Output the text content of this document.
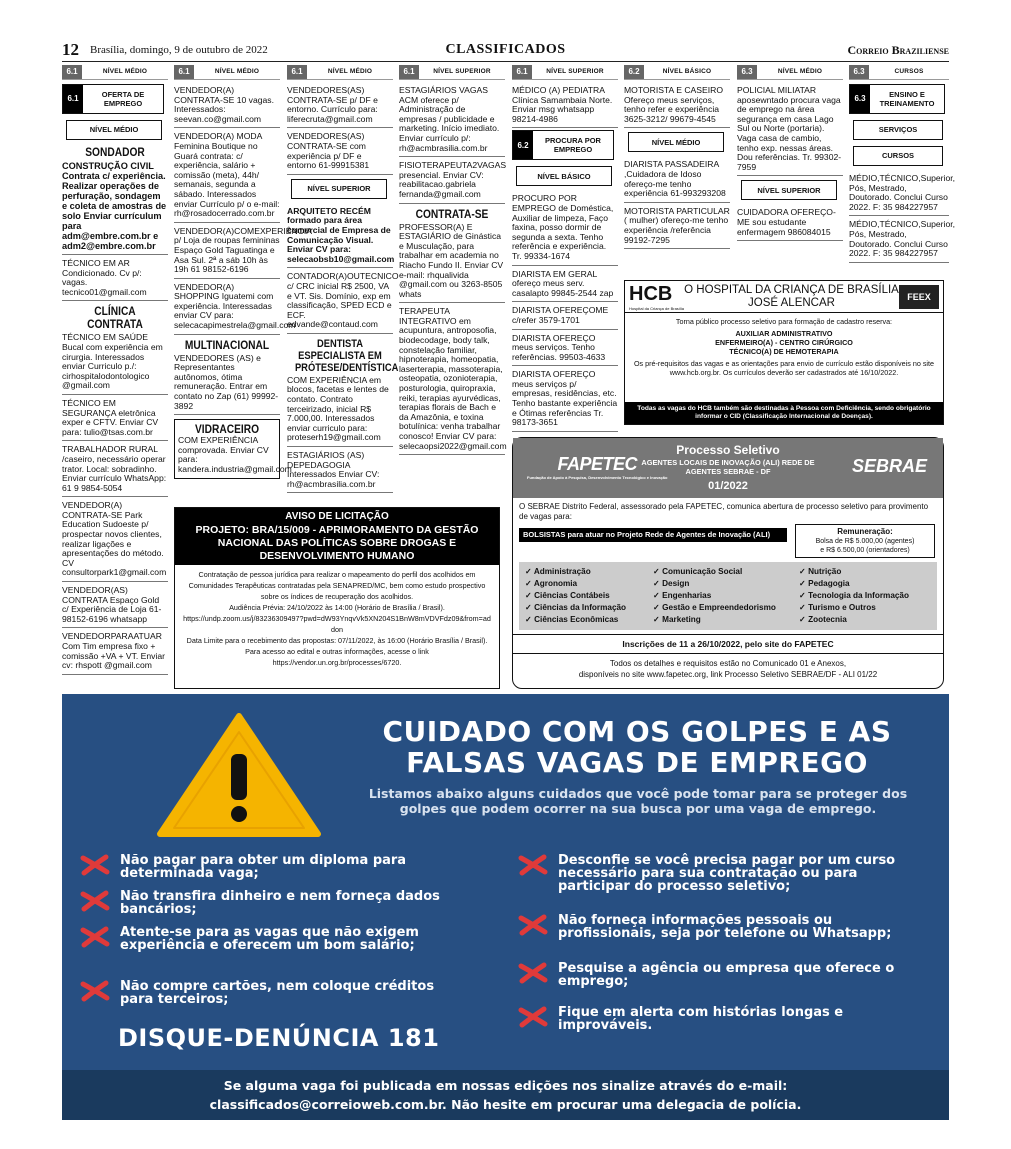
12 Brasília, domingo, 9 de outubro de 2022	CLASSIFICADOS	Correio Braziliense
6.1	NÍVEL MÉDIO
6.1	OFERTA DE EMPREGO
NÍVEL MÉDIO
SONDADOR
CONSTRUÇÃO CIVIL Contrata c/ experiência. Realizar operações de perfuração, sondagem e coleta de amostras de solo Enviar currículum para adm@embre.com.br e adm2@embre.com.br
TÉCNICO EM AR Condicionado. Cv p/: vagas. tecnico01@gmail.com
CLÍNICA CONTRATA
TÉCNICO EM SAÚDE Bucal com experiência em cirurgia. Interessados enviar Curriculo p./: cirhospitalodontologico @gmail.com
TÉCNICO EM SEGURANÇA eletrônica exper e CFTV. Enviar CV para: tulio@tsas.com.br
TRABALHADOR RURAL /caseiro, necessário operar trator. Local: sobradinho. Enviar currículo WhatsApp: 61 9 9854-5054
VENDEDOR(A) CONTRATA-SE Park Education Sudoeste p/ prospectar novos clientes, realizar ligações e apresentações do método. CV consultorpark1@gmail.com
VENDEDOR(AS) CONTRATA Espaço Gold c/ Experiência de Loja 61-98152-6196 whatsapp
VENDEDORPARAATUAR Com Tim empresa fixo + comissão +VA + VT. Enviar cv: rhspott @gmail.com
6.1	NÍVEL MÉDIO
VENDEDOR(A) CONTRATA-SE 10 vagas. Interessados: seevan.co@gmail.com
VENDEDOR(A) MODA Feminina Boutique no Guará contrata: c/ experiência, salário + comissão (meta), 44h/ semanais, segunda a sábado. Interessados enviar Currículo p/ o e-mail: rh@rosadocerrado.com.br
VENDEDOR(A)COMEXPERIÊNCIA p/ Loja de roupas femininas Espaço Gold Taguatinga e Asa Sul. 2ª a sáb 10h às 19h 61 98152-6196
VENDEDOR(A) SHOPPING Iguatemi com experiência. Interessadas enviar CV para: selecacapimestrela@gmail.com
MULTINACIONAL
VENDEDORES (AS) e Representantes autônomos, ótima remuneração. Entrar em contato no Zap (61) 99992-3892
VIDRACEIRO
COM EXPERIÊNCIA comprovada. Enviar CV para: kandera.industria@gmail.com
6.1	NÍVEL MÉDIO
VENDEDORES(AS) CONTRATA-SE p/ DF e entorno. Currículo para: liferecruta@gmail.com
VENDEDORES(AS) CONTRATA-SE com experiência p/ DF e entorno 61-99915381
NÍVEL SUPERIOR
ARQUITETO RECÉM formado para área comercial de Empresa de Comunicação Visual. Enviar CV para: selecaobsb10@gmail.com
CONTADOR(A)OUTECNICO c/ CRC inicial R$ 2500, VA e VT. Sis. Domínio, exp em classificação, SPED ECD e ECF. edvande@contaud.com
DENTISTA ESPECIALISTA EM PRÓTESE/DENTÍSTICA
COM EXPERIÊNCIA em blocos, facetas e lentes de contato. Contrato terceirizado, inicial R$ 7.000,00. Interessados enviar curriculo para: proteserh19@gmail.com
ESTAGIÁRIOS (AS) DEPEDAGOGIA Interessados Enviar CV: rh@acmbrasilia.com.br
6.1	NÍVEL SUPERIOR
ESTAGIÁRIOS VAGAS ACM oferece p/ Administração de empresas / publicidade e marketing. Início imediato. Enviar currículo p/: rh@acmbrasilia.com.br
FISIOTERAPEUTA2VAGAS presencial. Enviar CV: reabilitacao.gabriela fernanda@gmail.com
CONTRATA-SE
PROFESSOR(A) E ESTAGIÁRIO de Ginástica e Musculação, para trabalhar em academia no Riacho Fundo II. Enviar CV e-mail: rhqualivida @gmail.com ou 3263-8505 whats
TERAPEUTA INTEGRATIVO em acupuntura, antroposofia, biodecodage, body talk, constelação familiar, hipnoterapia, homeopatia, laserterapia, massoterapia, osteopatia, ozonioterapia, posturologia, quiropraxia, reiki, terapias ayurvédicas, terapias florais de Bach e da Amazônia, e toxina botulínica: venha trabalhar conosco! Enviar CV para: selecaopsi2022@gmail.com
6.1	NÍVEL SUPERIOR
MÉDICO (A) PEDIATRA Clínica Samambaia Norte. Enviar msg whatsapp 98214-4986
6.2	PROCURA POR EMPREGO
NÍVEL BÁSICO
PROCURO POR EMPREGO de Doméstica, Auxiliar de limpeza, Faço faxina, posso dormir de segunda a sexta. Tenho referência e experiência. Tr. 99334-1674
DIARISTA EM GERAL ofereço meus serv. casalapto 99845-2544 zap
DIARISTA OFEREÇOME c/refer 3579-1701
DIARISTA OFEREÇO meus serviços. Tenho referências. 99503-4633
DIARISTA OFEREÇO meus serviços p/ empresas, residências, etc. Tenho bastante experiência e Ótimas referências Tr. 98173-3651
6.2	NÍVEL BÁSICO
MOTORISTA E CASEIRO Ofereço meus serviços, tenho refer e experiência 3625-3212/ 99679-4545
NÍVEL MÉDIO
DIARISTA PASSADEIRA ,Cuidadora de Idoso ofereço-me tenho experiência 61-993293208
MOTORISTA PARTICULAR ( mulher) ofereço-me tenho experiência /referência 99192-7295
6.3	NÍVEL MÉDIO
POLICIAL MILIATAR aposewntado procura vaga de emprego na área segurança em casa Lago Sul ou Norte (portaria). Vaga casa de cambio, tenho exp. nessas áreas. Dou referências. Tr. 99302-7959
NÍVEL SUPERIOR
CUIDADORA OFEREÇO-ME sou estudante enfermagem 986084015
6.3	CURSOS
6.3	ENSINO E TREINAMENTO
SERVIÇOS
CURSOS
MÉDIO,TÉCNICO,Superior, Pós, Mestrado, Doutorado. Conclui Curso 2022. F: 35 984227957
MÉDIO,TÉCNICO,Superior, Pós, Mestrado, Doutorado. Conclui Curso 2022. F: 35 984227957
AVISO DE LICITAÇÃO
PROJETO: BRA/15/009 - APRIMORAMENTO DA GESTÃO NACIONAL DAS POLÍTICAS SOBRE DROGAS E DESENVOLVIMENTO HUMANO

Contratação de pessoa jurídica para realizar o mapeamento do perfil dos acolhidos em Comunidades Terapêuticas contratadas pela SENAPRED/MC, bem como estudo prospectivo sobre os índices de recuperação dos acolhidos.

Audiência Prévia: 24/10/2022 às 14:00 (Horário de Brasília / Brasil).

https://undp.zoom.us/j/83236309497?pwd=dW93YnqvVk5XN204S1BnW8mVDVFdz09&from=addon

Data Limite para o recebimento das propostas: 07/11/2022, às 16:00 (Horário Brasília / Brasil).

Para acesso ao edital e outras informações, acesse o link https://vendor.un.org.br/processes/6720.

HCB
Hospital da Criança de Brasília
O HOSPITAL DA CRIANÇA DE BRASÍLIA JOSÉ ALENCAR	FEEX

Torna público processo seletivo para formação de cadastro reserva:

AUXILIAR ADMINISTRATIVO
ENFERMEIRO(A) - CENTRO CIRÚRGICO
TÉCNICO(A) DE HEMOTERAPIA

Os pré-requisitos das vagas e as orientações para envio de currículo estão disponíveis no site www.hcb.org.br. Os currículos deverão ser cadastrados até 16/10/2022.

Todas as vagas do HCB também são destinadas à Pessoa com Deficiência, sendo obrigatório informar o CID (Classificação Internacional de Doenças).
FAPETEC
Fundação de Apoio à Pesquisa, Desenvolvimento Tecnológico e Inovação
Processo Seletivo
AGENTES LOCAIS DE INOVAÇÃO (ALI) REDE DE AGENTES SEBRAE - DF
01/2022
SEBRAE
O SEBRAE Distrito Federal, assessorado pela FAPETEC, comunica abertura de processo seletivo para provimento de vagas para:
BOLSISTAS para atuar no Projeto Rede de Agentes de Inovação (ALI)	Remuneração:
Bolsa de R$ 5.000,00 (agentes)
e R$ 6.500,00 (orientadores)
✓ Administração	✓ Comunicação Social	✓ Nutrição
✓ Agronomia	✓ Design	✓ Pedagogia
✓ Ciências Contábeis	✓ Engenharias	✓ Tecnologia da Informação
✓ Ciências da Informação	✓ Gestão e Empreendedorismo	✓ Turismo e Outros
✓ Ciências Econômicas	✓ Marketing	✓ Zootecnia
Inscrições de 11 a 26/10/2022, pelo site do FAPETEC
Todos os detalhes e requisitos estão no Comunicado 01 e Anexos,
disponíveis no site www.fapetec.org, link Processo Seletivo SEBRAE/DF - ALI 01/22
CUIDADO COM OS GOLPES E AS
FALSAS VAGAS DE EMPREGO
Listamos abaixo alguns cuidados que você pode tomar para se proteger dos golpes que podem ocorrer na sua busca por uma vaga de emprego.
Não pagar para obter um diploma para determinada vaga;
Não transfira dinheiro e nem forneça dados bancários;
Atente-se para as vagas que não exigem experiência e oferecem um bom salário;
Não compre cartões, nem coloque créditos para terceiros;
Desconfie se você precisa pagar por um curso necessário para sua contratação ou para participar do processo seletivo;
Não forneça informações pessoais ou profissionais, seja por telefone ou Whatsapp;
Pesquise a agência ou empresa que oferece o emprego;
Fique em alerta com histórias longas e improváveis.
DISQUE-DENÚNCIA 181
Se alguma vaga foi publicada em nossas edições nos sinalize através do e-mail:
classificados@correioweb.com.br. Não hesite em procurar uma delegacia de polícia.
